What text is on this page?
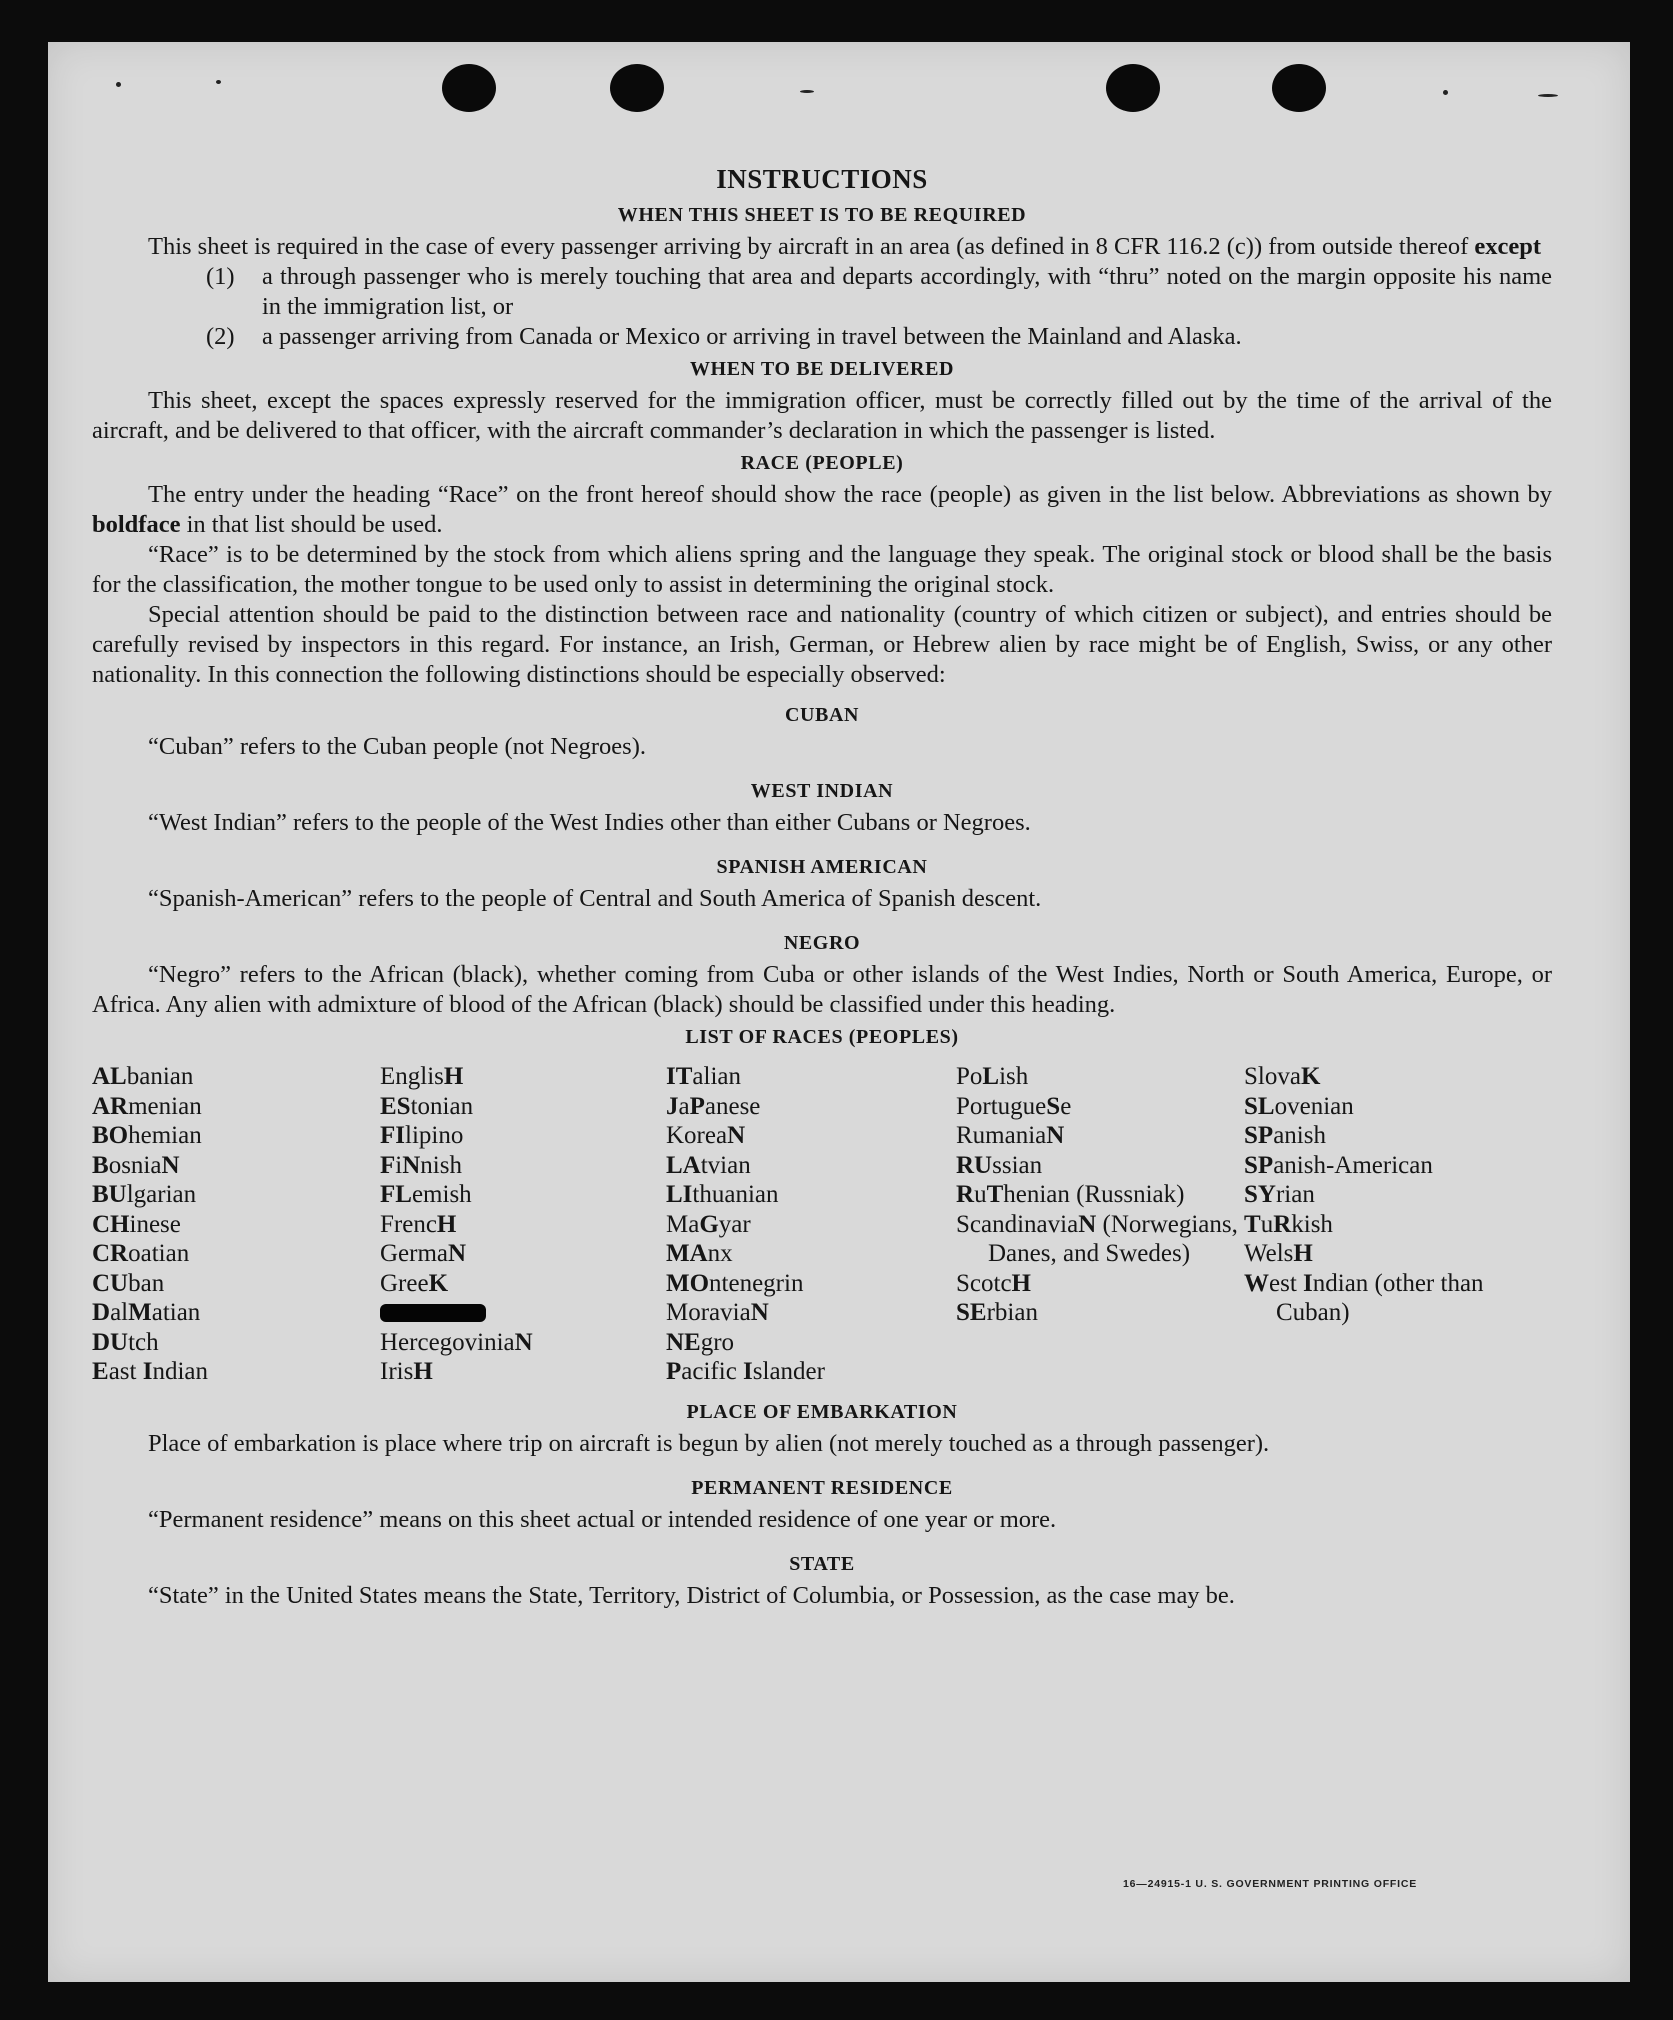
INSTRUCTIONS
WHEN THIS SHEET IS TO BE REQUIRED

This sheet is required in the case of every passenger arriving by aircraft in an area (as defined in 8 CFR 116.2 (c)) from outside thereof except

(1)	a through passenger who is merely touching that area and departs accordingly, with “thru” noted on the margin opposite his name in the immigration list, or
(2)	a passenger arriving from Canada or Mexico or arriving in travel between the Mainland and Alaska.
WHEN TO BE DELIVERED

This sheet, except the spaces expressly reserved for the immigration officer, must be correctly filled out by the time of the arrival of the aircraft, and be delivered to that officer, with the aircraft commander’s declaration in which the passenger is listed.

RACE (PEOPLE)

The entry under the heading “Race” on the front hereof should show the race (people) as given in the list below. Abbreviations as shown by boldface in that list should be used.

“Race” is to be determined by the stock from which aliens spring and the language they speak. The original stock or blood shall be the basis for the classification, the mother tongue to be used only to assist in determining the original stock.

Special attention should be paid to the distinction between race and nationality (country of which citizen or subject), and entries should be carefully revised by inspectors in this regard. For instance, an Irish, German, or Hebrew alien by race might be of English, Swiss, or any other nationality. In this connection the following distinctions should be especially observed:

CUBAN

“Cuban” refers to the Cuban people (not Negroes).

WEST INDIAN

“West Indian” refers to the people of the West Indies other than either Cubans or Negroes.

SPANISH AMERICAN

“Spanish-American” refers to the people of Central and South America of Spanish descent.

NEGRO

“Negro” refers to the African (black), whether coming from Cuba or other islands of the West Indies, North or South America, Europe, or Africa. Any alien with admixture of blood of the African (black) should be classified under this heading.

LIST OF RACES (PEOPLES)
ALbanian
ARmenian
BOhemian
BosniaN
BUlgarian
CHinese
CRoatian
CUban
DalMatian
DUtch
East Indian
EnglisH
EStonian
FIlipino
FiNnish
FLemish
FrencH
GermaN
GreeK
HercegoviniaN
IrisH
ITalian
JaPanese
KoreaN
LAtvian
LIthuanian
MaGyar
MAnx
MOntenegrin
MoraviaN
NEgro
Pacific Islander
PoLish
PortugueSe
RumaniaN
RUssian
RuThenian (Russniak)
ScandinaviaN (Norwegians, Danes, and Swedes)
ScotcH
SErbian
SlovaK
SLovenian
SPanish
SPanish-American
SYrian
TuRkish
WelsH
West Indian (other than Cuban)
PLACE OF EMBARKATION

Place of embarkation is place where trip on aircraft is begun by alien (not merely touched as a through passenger).

PERMANENT RESIDENCE

“Permanent residence” means on this sheet actual or intended residence of one year or more.

STATE

“State” in the United States means the State, Territory, District of Columbia, or Possession, as the case may be.

16—24915-1 U. S. GOVERNMENT PRINTING OFFICE
